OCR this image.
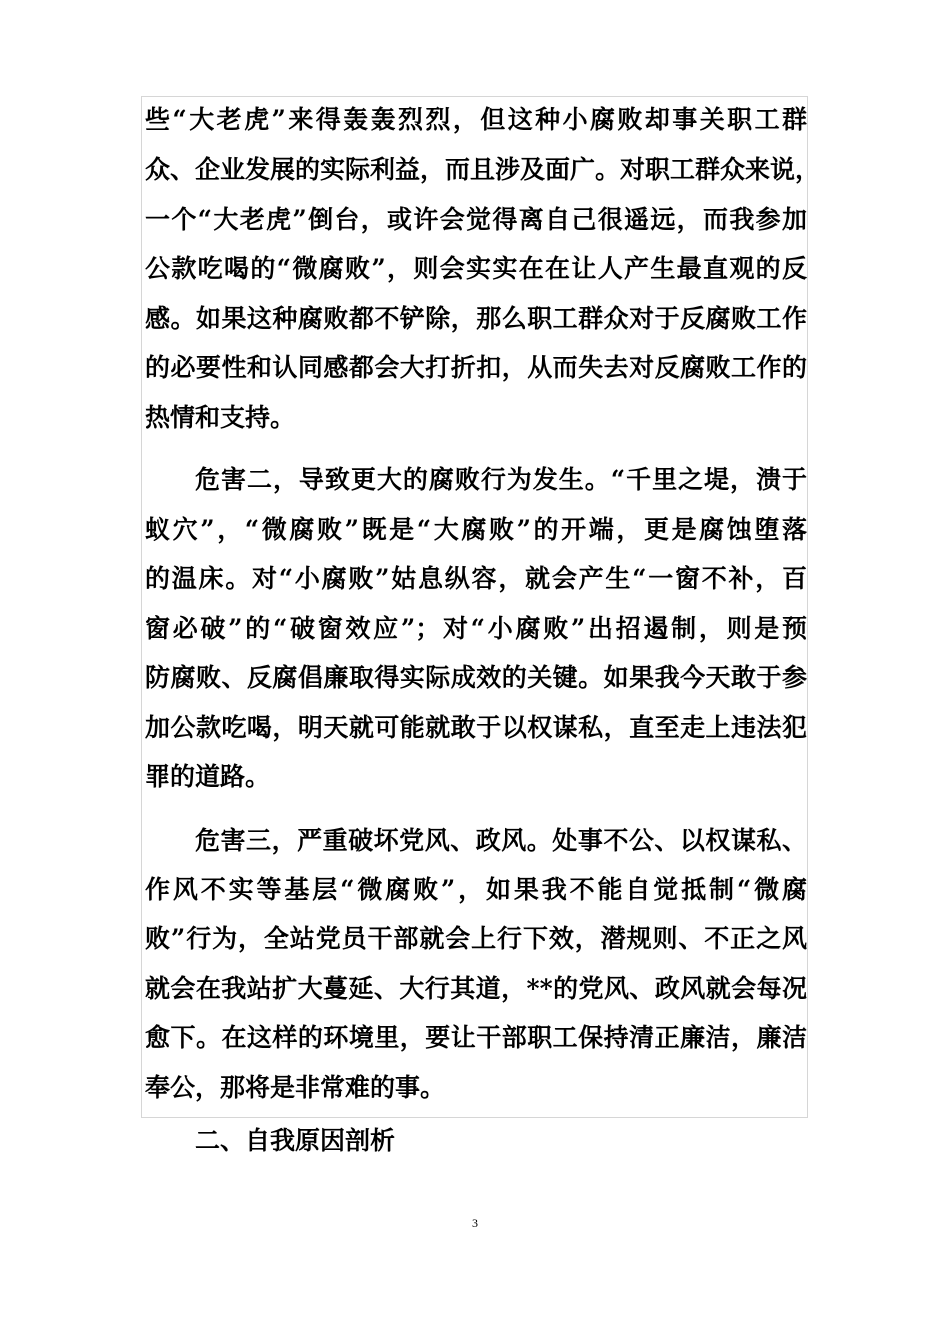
些“大老虎”来得轰轰烈烈，但这种小腐败却事关职工群
众、企业发展的实际利益，而且涉及面广。对职工群众来说，
一个“大老虎”倒台，或许会觉得离自己很遥远，而我参加
公款吃喝的“微腐败”，则会实实在在让人产生最直观的反
感。如果这种腐败都不铲除，那么职工群众对于反腐败工作
的必要性和认同感都会大打折扣，从而失去对反腐败工作的
热情和支持。
危害二，导致更大的腐败行为发生。“千里之堤，溃于
蚁穴”，“微腐败”既是“大腐败”的开端，更是腐蚀堕落
的温床。对“小腐败”姑息纵容，就会产生“一窗不补，百
窗必破”的“破窗效应”；对“小腐败”出招遏制，则是预
防腐败、反腐倡廉取得实际成效的关键。如果我今天敢于参
加公款吃喝，明天就可能就敢于以权谋私，直至走上违法犯
罪的道路。
危害三，严重破坏党风、政风。处事不公、以权谋私、
作风不实等基层“微腐败”，如果我不能自觉抵制“微腐
败”行为，全站党员干部就会上行下效，潜规则、不正之风
就会在我站扩大蔓延、大行其道，**的党风、政风就会每况
愈下。在这样的环境里，要让干部职工保持清正廉洁，廉洁
奉公，那将是非常难的事。
二、自我原因剖析
3
